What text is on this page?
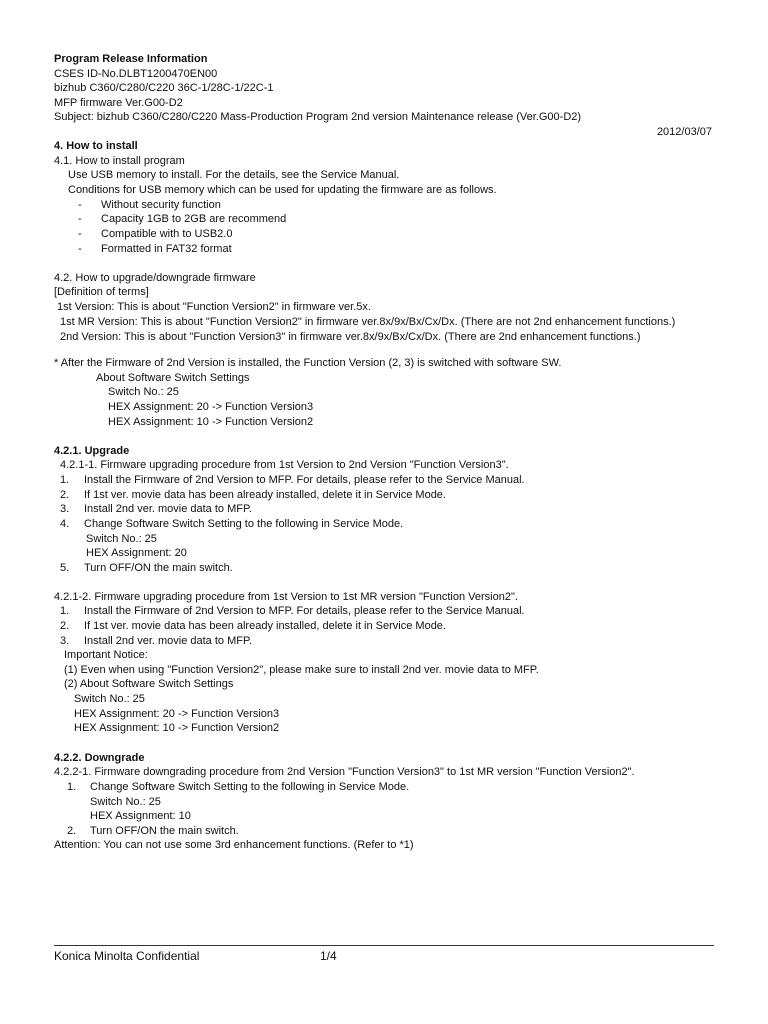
Program Release Information
CSES ID-No.DLBT1200470EN00
bizhub C360/C280/C220 36C-1/28C-1/22C-1
MFP firmware Ver.G00-D2
Subject: bizhub C360/C280/C220 Mass-Production Program 2nd version Maintenance release (Ver.G00-D2)
2012/03/07
4. How to install
4.1. How to install program
Use USB memory to install. For the details, see the Service Manual.
Conditions for USB memory which can be used for updating the firmware are as follows.
- Without security function
- Capacity 1GB to 2GB are recommend
- Compatible with to USB2.0
- Formatted in FAT32 format
4.2. How to upgrade/downgrade firmware
[Definition of terms]
1st Version: This is about "Function Version2" in firmware ver.5x.
1st MR Version: This is about "Function Version2" in firmware ver.8x/9x/Bx/Cx/Dx. (There are not 2nd enhancement functions.)
2nd Version: This is about "Function Version3" in firmware ver.8x/9x/Bx/Cx/Dx. (There are 2nd enhancement functions.)
* After the Firmware of 2nd Version is installed, the Function Version (2, 3) is switched with software SW.
About Software Switch Settings
Switch No.: 25
HEX Assignment: 20 -> Function Version3
HEX Assignment: 10 -> Function Version2
4.2.1. Upgrade
4.2.1-1. Firmware upgrading procedure from 1st Version to 2nd Version "Function Version3".
1. Install the Firmware of 2nd Version to MFP. For details, please refer to the Service Manual.
2. If 1st ver. movie data has been already installed, delete it in Service Mode.
3. Install 2nd ver. movie data to MFP.
4. Change Software Switch Setting to the following in Service Mode.
Switch No.: 25
HEX Assignment: 20
5. Turn OFF/ON the main switch.
4.2.1-2. Firmware upgrading procedure from 1st Version to 1st MR version "Function Version2".
1. Install the Firmware of 2nd Version to MFP. For details, please refer to the Service Manual.
2. If 1st ver. movie data has been already installed, delete it in Service Mode.
3. Install 2nd ver. movie data to MFP.
Important Notice:
(1) Even when using "Function Version2", please make sure to install 2nd ver. movie data to MFP.
(2) About Software Switch Settings
Switch No.: 25
HEX Assignment: 20 -> Function Version3
HEX Assignment: 10 -> Function Version2
4.2.2. Downgrade
4.2.2-1. Firmware downgrading procedure from 2nd Version "Function Version3" to 1st MR version "Function Version2".
1. Change Software Switch Setting to the following in Service Mode.
Switch No.: 25
HEX Assignment: 10
2. Turn OFF/ON the main switch.
Attention: You can not use some 3rd enhancement functions. (Refer to *1)
Konica Minolta Confidential	1/4
